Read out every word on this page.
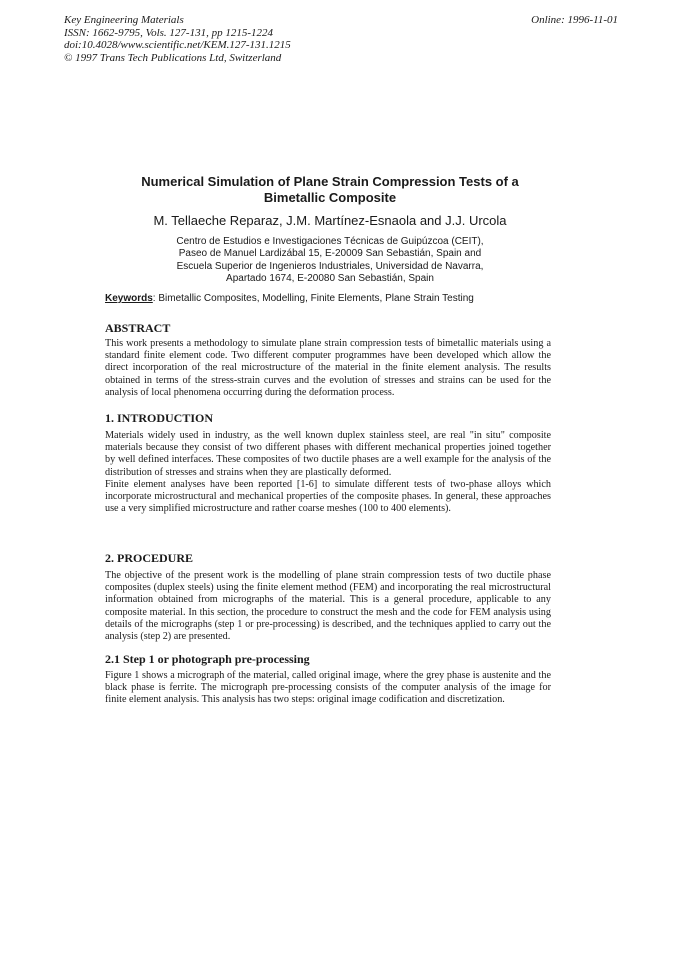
Key Engineering Materials
ISSN: 1662-9795, Vols. 127-131, pp 1215-1224
doi:10.4028/www.scientific.net/KEM.127-131.1215
© 1997 Trans Tech Publications Ltd, Switzerland
Online: 1996-11-01
Numerical Simulation of Plane Strain Compression Tests of a
Bimetallic Composite
M. Tellaeche Reparaz, J.M. Martínez-Esnaola and J.J. Urcola
Centro de Estudios e Investigaciones Técnicas de Guipúzcoa (CEIT),
Paseo de Manuel Lardizábal 15, E-20009 San Sebastián, Spain and
Escuela Superior de Ingenieros Industriales, Universidad de Navarra,
Apartado 1674, E-20080 San Sebastián, Spain
Keywords: Bimetallic Composites, Modelling, Finite Elements, Plane Strain Testing
ABSTRACT

This work presents a methodology to simulate plane strain compression tests of bimetallic materials using a standard finite element code. Two different computer programmes have been developed which allow the direct incorporation of the real microstructure of the material in the finite element analysis. The results obtained in terms of the stress-strain curves and the evolution of stresses and strains can be used for the analysis of local phenomena occurring during the deformation process.

1. INTRODUCTION

Materials widely used in industry, as the well known duplex stainless steel, are real "in situ" composite materials because they consist of two different phases with different mechanical properties joined together by well defined interfaces. These composites of two ductile phases are a well example for the analysis of the distribution of stresses and strains when they are plastically deformed.

Finite element analyses have been reported [1-6] to simulate different tests of two-phase alloys which incorporate microstructural and mechanical properties of the composite phases. In general, these approaches use a very simplified microstructure and rather coarse meshes (100 to 400 elements).

2. PROCEDURE

The objective of the present work is the modelling of plane strain compression tests of two ductile phase composites (duplex steels) using the finite element method (FEM) and incorporating the real microstructural information obtained from micrographs of the material. This is a general procedure, applicable to any composite material. In this section, the procedure to construct the mesh and the code for FEM analysis using details of the micrographs (step 1 or pre-processing) is described, and the techniques applied to carry out the analysis (step 2) are presented.

2.1 Step 1 or photograph pre-processing

Figure 1 shows a micrograph of the material, called original image, where the grey phase is austenite and the black phase is ferrite. The micrograph pre-processing consists of the computer analysis of the image for finite element analysis. This analysis has two steps: original image codification and discretization.
